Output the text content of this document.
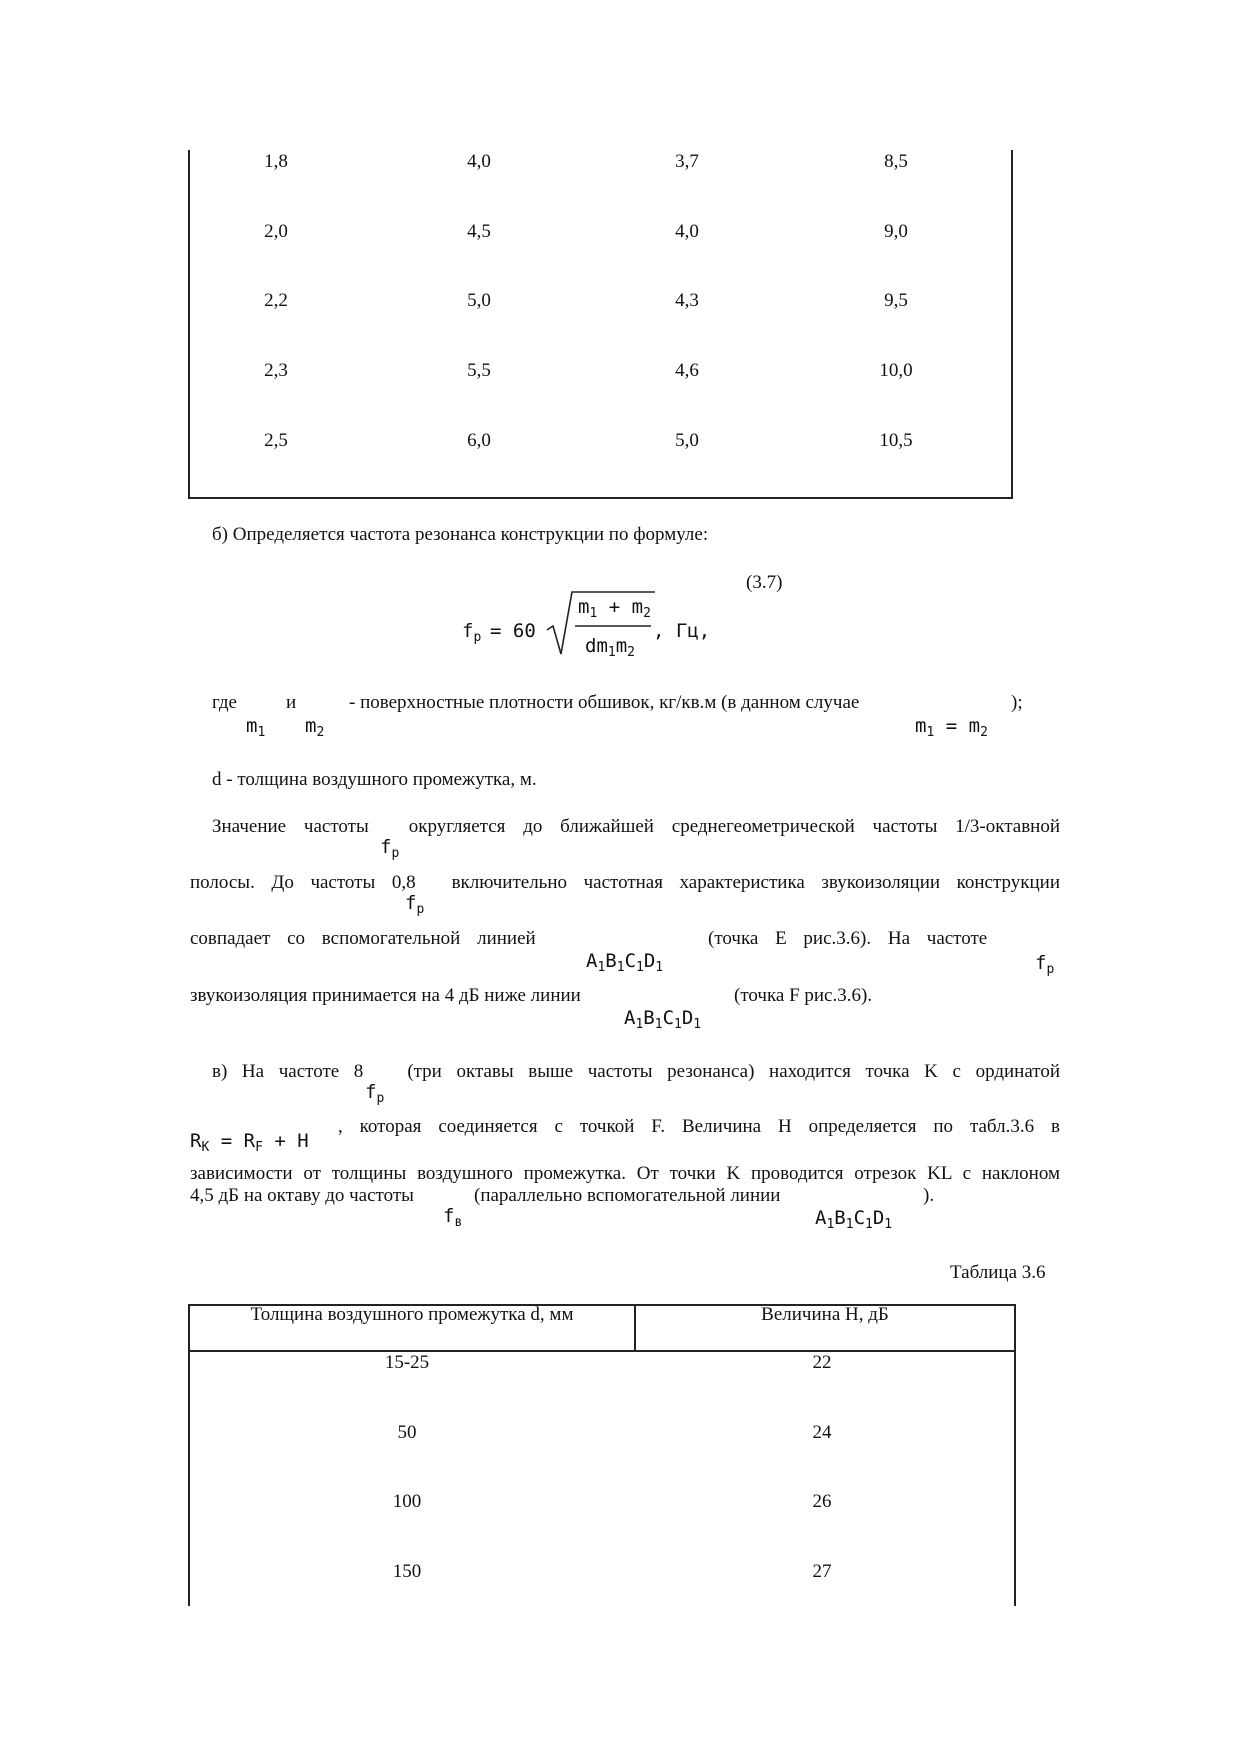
1,8	4,0	3,7	8,5
2,0	4,5	4,0	9,0
2,2	5,0	4,3	9,5
2,3	5,5	4,6	10,0
2,5	6,0	5,0	10,5
б) Определяется частота резонанса конструкции по формуле:
(3.7)
$f_p = 60$
$m_1 + m_2$
$dm_1m_2$
, Гц,
где	и	- поверхностные плотности обшивок, кг/кв.м (в данном случае	);
$m_1$ $m_2$	$m_1 = m_2$
d - толщина воздушного промежутка, м.
Значение частоты округляется до ближайшей среднегеометрической частоты 1/3-октавной
$f_p$
полосы. До частоты 0,8 включительно частотная характеристика звукоизоляции конструкции
$f_p$
совпадает со вспомогательной линией	(точка E рис.3.6). На частоте
$A_1B_1C_1D_1$	$f_p$
звукоизоляция принимается на 4 дБ ниже линии	(точка F рис.3.6).
$A_1B_1C_1D_1$
в) На частоте 8 (три октавы выше частоты резонанса) находится точка K с ординатой
$f_p$
$R_K = R_F + H$
, которая соединяется с точкой F. Величина H определяется по табл.3.6 в
зависимости от толщины воздушного промежутка. От точки K проводится отрезок KL с наклоном
4,5 дБ на октаву до частоты	(параллельно вспомогательной линии	).
$f_в$	$A_1B_1C_1D_1$
Таблица 3.6
Толщина воздушного промежутка d, мм	Величина H, дБ
15-25	22
50	24
100	26
150	27
